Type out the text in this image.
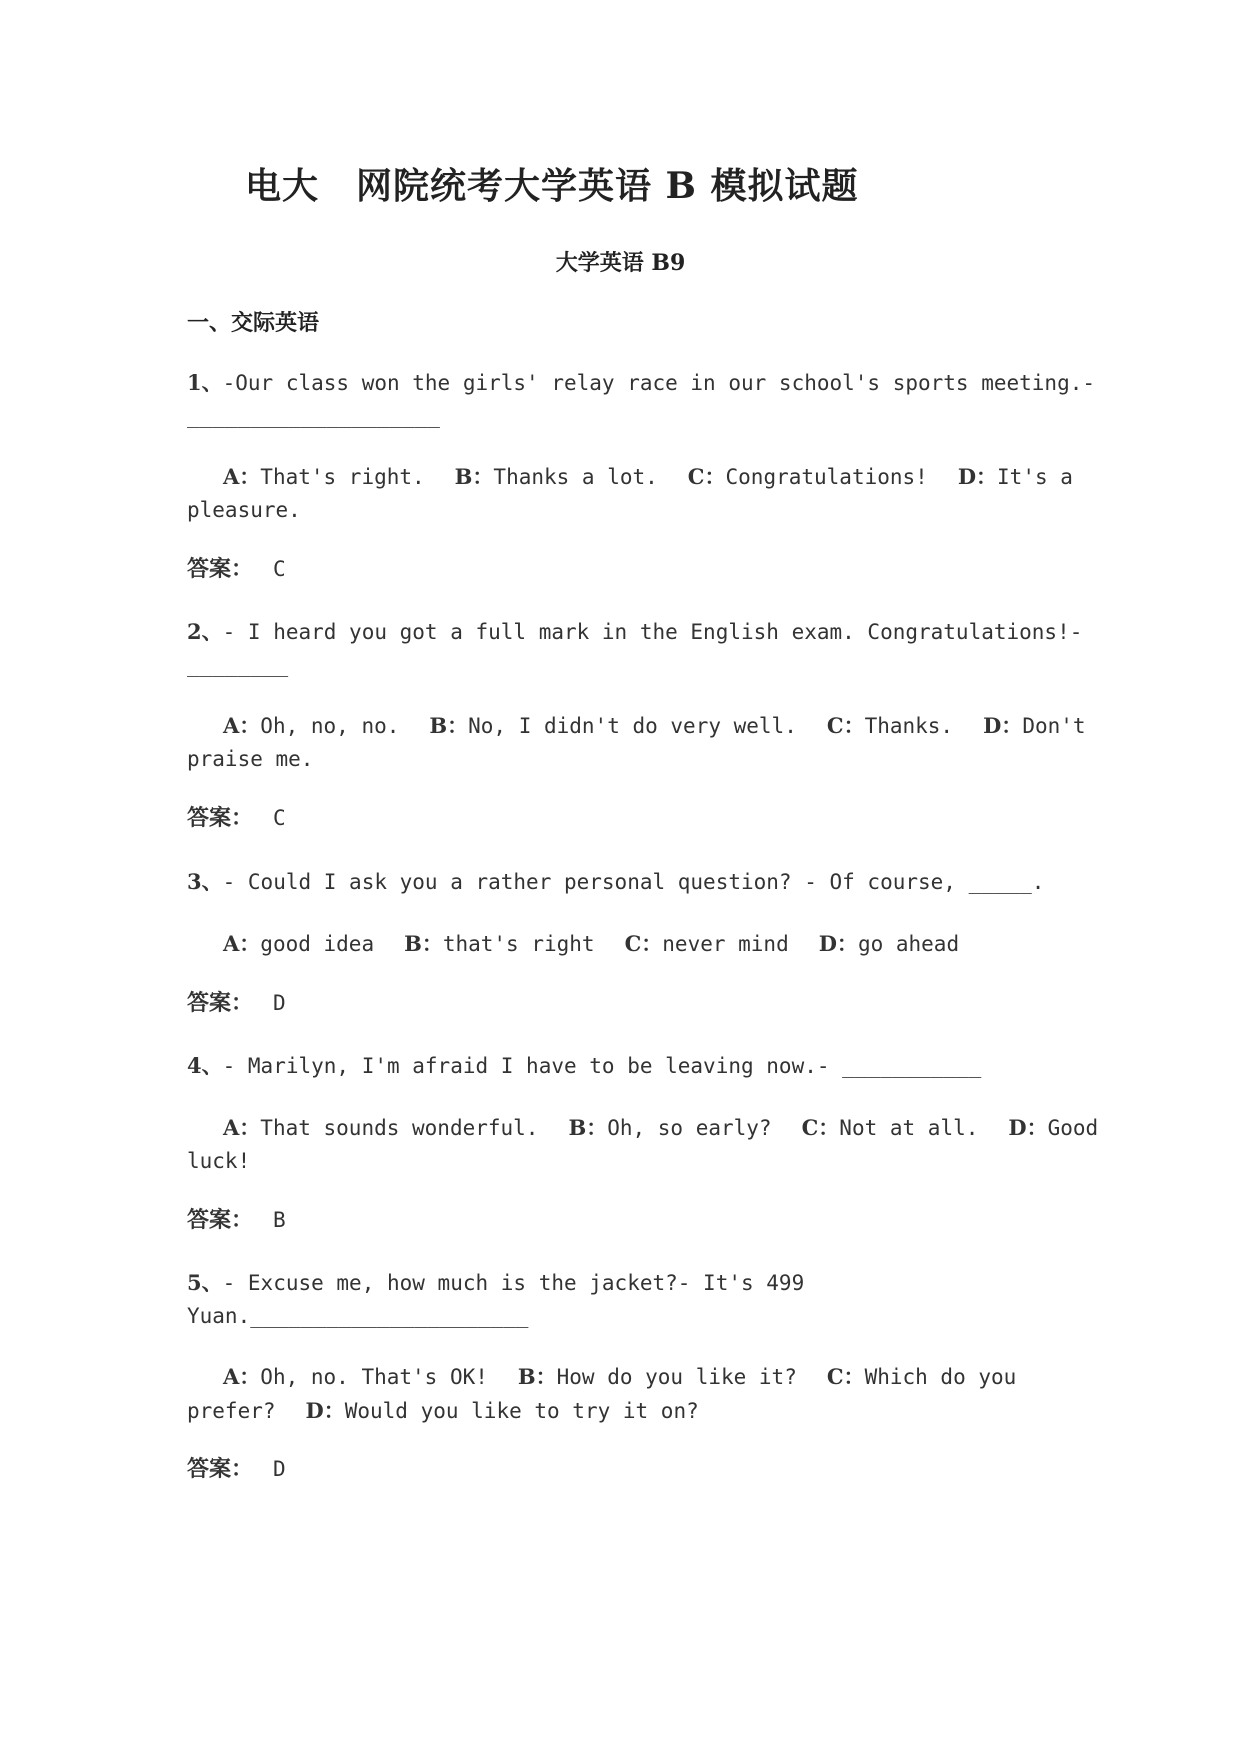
电大　网院统考大学英语 B 模拟试题
大学英语 B9
一、交际英语

1、-Our class won the girls' relay race in our school's sports meeting.- ____________________

A：That's right. B：Thanks a lot. C：Congratulations! D：It's a pleasure.

答案： C

2、- I heard you got a full mark in the English exam. Congratulations!- ________

A：Oh, no, no. B：No, I didn't do very well. C：Thanks. D：Don't praise me.

答案： C

3、- Could I ask you a rather personal question? - Of course, _____.

A：good idea B：that's right C：never mind D：go ahead

答案： D

4、- Marilyn, I'm afraid I have to be leaving now.- ___________

A：That sounds wonderful. B：Oh, so early? C：Not at all. D：Good luck!

答案： B

5、- Excuse me, how much is the jacket?- It's 499 Yuan.______________________

A：Oh, no. That's OK! B：How do you like it? C：Which do you prefer? D：Would you like to try it on?

答案： D
